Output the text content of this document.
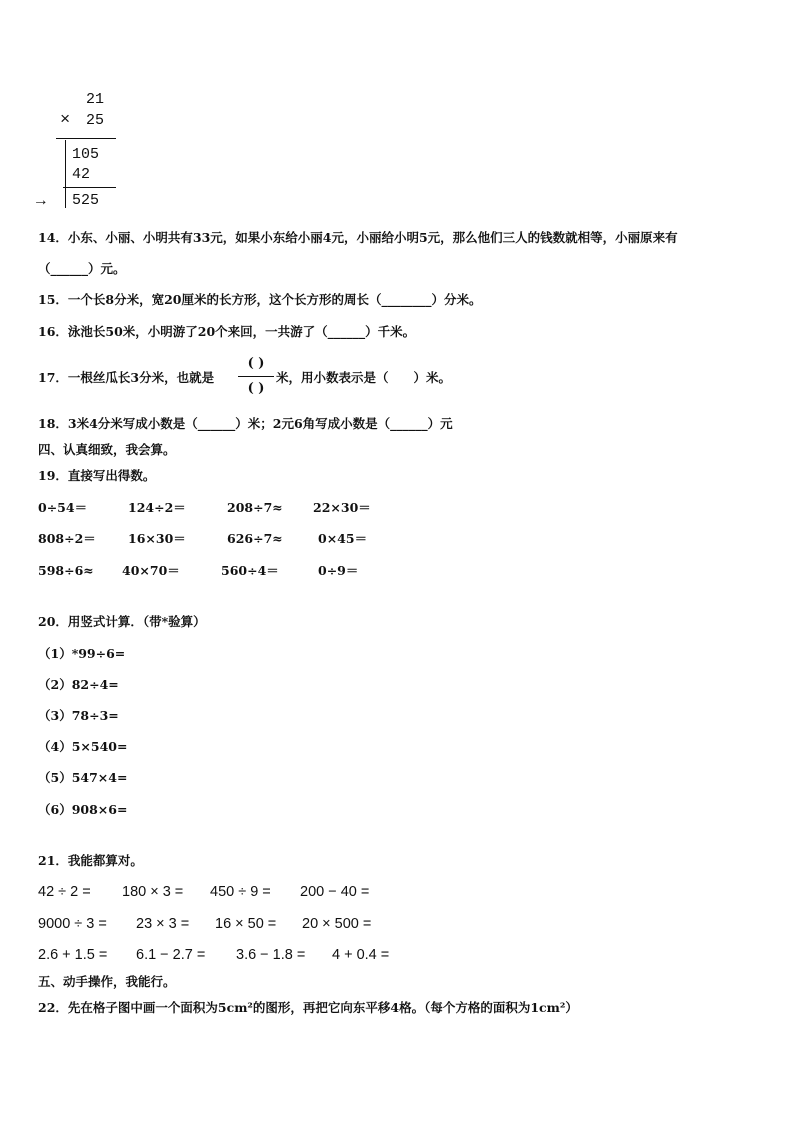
21
× 25
105
42
→ 525
14．小东、小丽、小明共有33元，如果小东给小丽4元，小丽给小明5元，那么他们三人的钱数就相等，小丽原来有
（______）元。
15．一个长8分米，宽20厘米的长方形，这个长方形的周长（________）分米。
16．泳池长50米，小明游了20个来回，一共游了（______）千米。
17．一根丝瓜长3分米，也就是
( )
( )
米，用小数表示是（　　）米。
18．3米4分米写成小数是（______）米；2元6角写成小数是（______）元
四、认真细致，我会算。
19．直接写出得数。
0÷54＝	124÷2＝	208÷7≈ 22×30＝
808÷2＝	16×30＝	626÷7≈	0×45＝
598÷6≈ 40×70＝	560÷4＝	0÷9＝
20．用竖式计算．（带*验算）
（1）*99÷6=
（2）82÷4=
（3）78÷3=
（4）5×540=
（5）547×4=
（6）908×6=
21．我能都算对。
42 ÷ 2 = 180 × 3 = 450 ÷ 9 = 200 − 40 =
9000 ÷ 3 = 23 × 3 = 16 × 50 = 20 × 500 =
2.6 + 1.5 = 6.1 − 2.7 = 3.6 − 1.8 = 4 + 0.4 =
五、动手操作，我能行。
22．先在格子图中画一个面积为5cm²的图形，再把它向东平移4格。（每个方格的面积为1cm²）
